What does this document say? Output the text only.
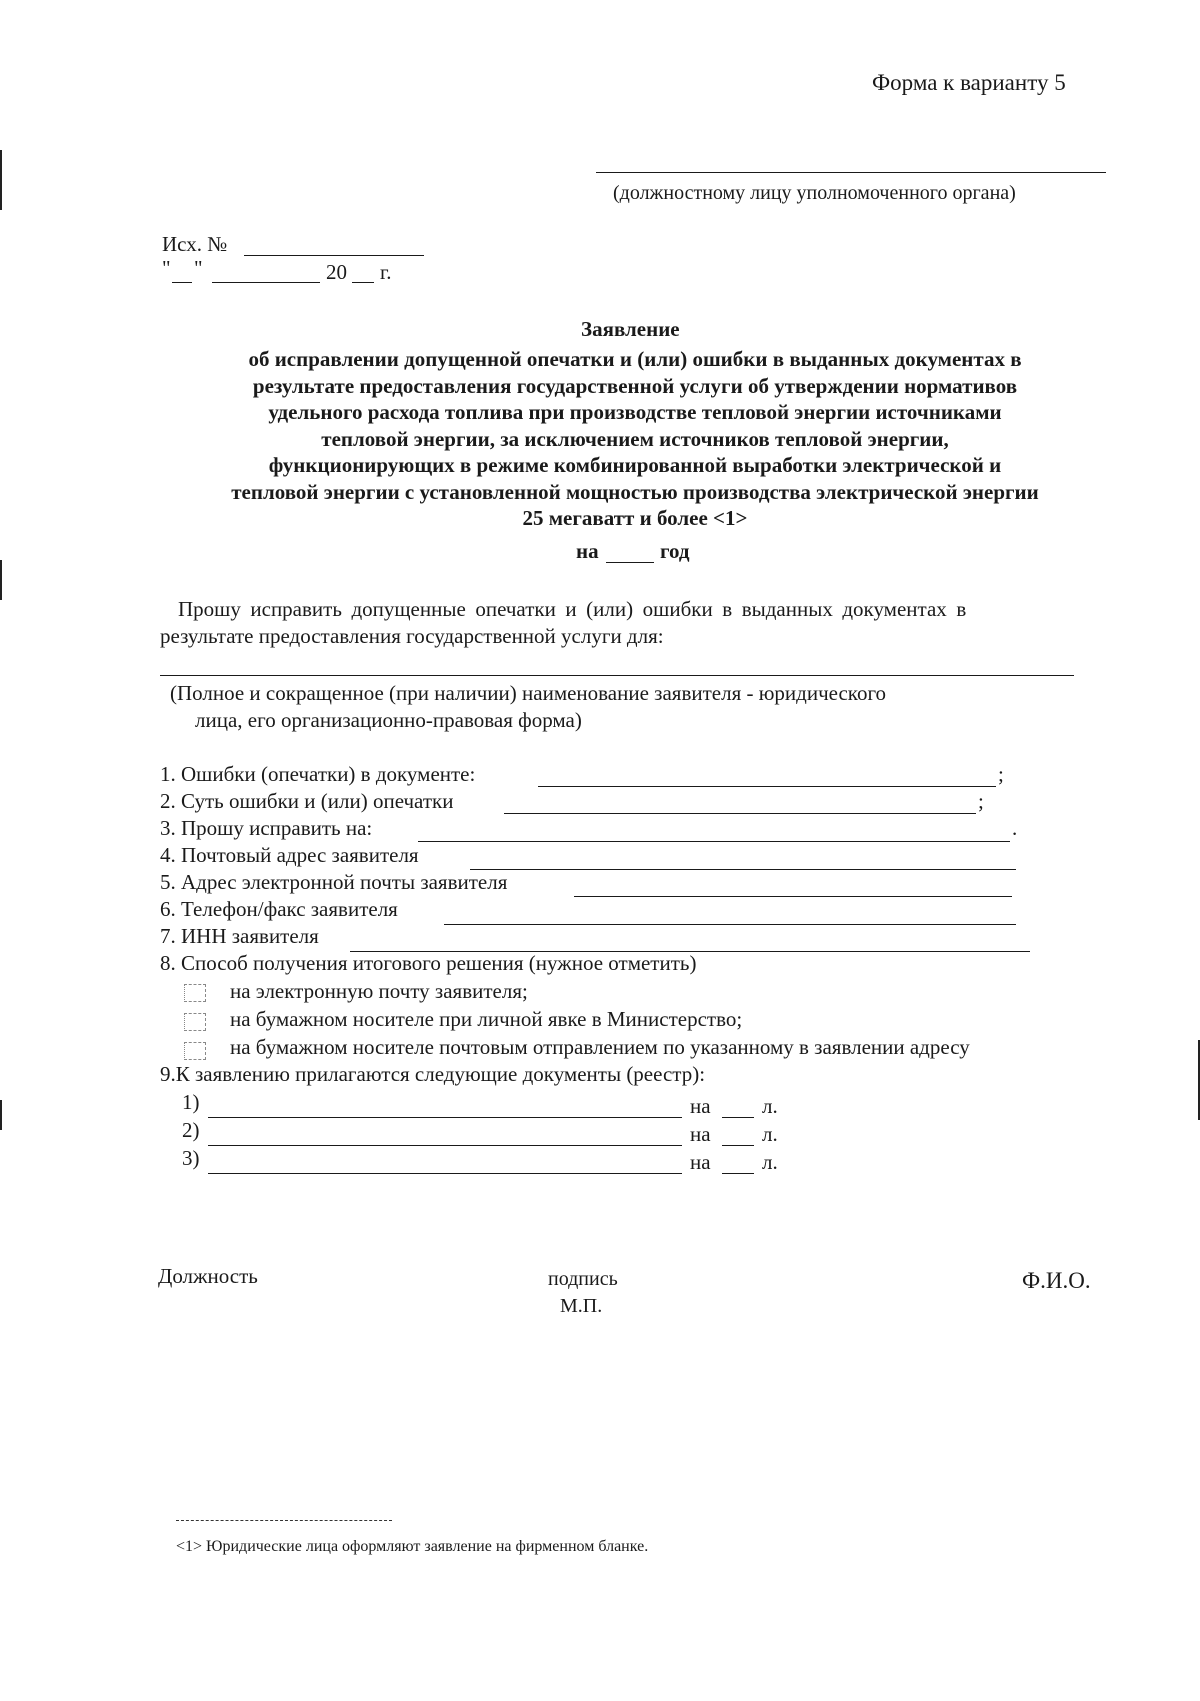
Форма к варианту 5
(должностному лицу уполномоченного органа)
Исх. №
" "	20 г.
Заявление
об исправлении допущенной опечатки и (или) ошибки в выданных документах в
результате предоставления государственной услуги об утверждении нормативов
удельного расхода топлива при производстве тепловой энергии источниками
тепловой энергии, за исключением источников тепловой энергии,
функционирующих в режиме комбинированной выработки электрической и
тепловой энергии с установленной мощностью производства электрической энергии
25 мегаватт и более <1>
на	год
Прошу исправить допущенные опечатки и (или) ошибки в выданных документах в
результате предоставления государственной услуги для:
(Полное и сокращенное (при наличии) наименование заявителя - юридического
лица, его организационно-правовая форма)
1. Ошибки (опечатки) в документе:	;
2. Суть ошибки и (или) опечатки	;
3. Прошу исправить на:	.
4. Почтовый адрес заявителя
5. Адрес электронной почты заявителя
6. Телефон/факс заявителя
7. ИНН заявителя
8. Способ получения итогового решения (нужное отметить)
на электронную почту заявителя;
на бумажном носителе при личной явке в Министерство;
на бумажном носителе почтовым отправлением по указанному в заявлении адресу
9.К заявлению прилагаются следующие документы (реестр):
1)	на л.
2)	на л.
3)	на л.
Должность	подпись
М.П.
Ф.И.О.
<1> Юридические лица оформляют заявление на фирменном бланке.
